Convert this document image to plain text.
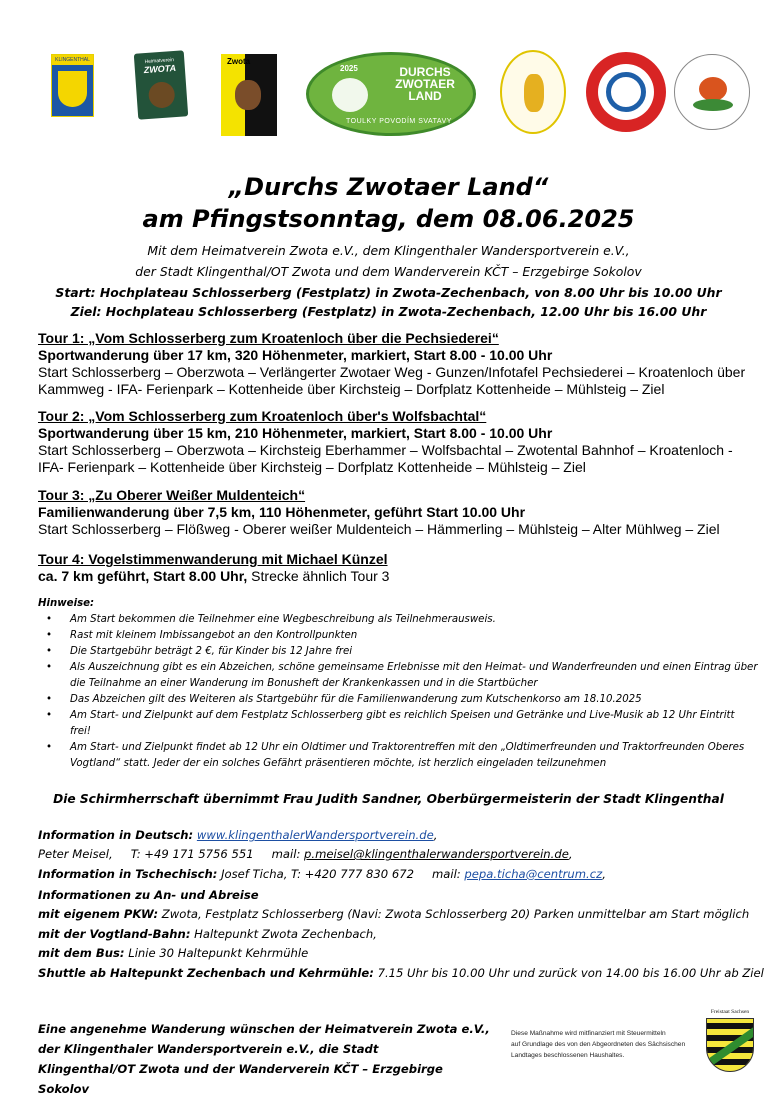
KLINGENTHAL	Heimatverein
ZWOTA
Zwota
2025	DURCHS ZWOTAER LAND
TOULKY POVODÍM SVATAVY
„Durchs Zwotaer Land“
am Pfingstsonntag, dem 08.06.2025
Mit dem Heimatverein Zwota e.V., dem Klingenthaler Wandersportverein e.V.,
der Stadt Klingenthal/OT Zwota und dem Wanderverein KČT – Erzgebirge Sokolov
Start: Hochplateau Schlosserberg (Festplatz) in Zwota-Zechenbach, von 8.00 Uhr bis 10.00 Uhr
Ziel: Hochplateau Schlosserberg (Festplatz) in Zwota-Zechenbach, 12.00 Uhr bis 16.00 Uhr
Tour 1: „Vom Schlosserberg zum Kroatenloch über die Pechsiederei“
Sportwanderung über 17 km, 320 Höhenmeter, markiert, Start 8.00 - 10.00 Uhr
Start Schlosserberg – Oberzwota – Verlängerter Zwotaer Weg - Gunzen/Infotafel Pechsiederei – Kroatenloch über Kammweg - IFA- Ferienpark – Kottenheide über Kirchsteig – Dorfplatz Kottenheide – Mühlsteig – Ziel
Tour 2: „Vom Schlosserberg zum Kroatenloch über's Wolfsbachtal“
Sportwanderung über 15 km, 210 Höhenmeter, markiert, Start 8.00 - 10.00 Uhr
Start Schlosserberg – Oberzwota – Kirchsteig Eberhammer – Wolfsbachtal – Zwotental Bahnhof – Kroatenloch - IFA- Ferienpark – Kottenheide über Kirchsteig – Dorfplatz Kottenheide – Mühlsteig – Ziel
Tour 3: „Zu Oberer Weißer Muldenteich“
Familienwanderung über 7,5 km, 110 Höhenmeter, geführt Start 10.00 Uhr
Start Schlosserberg – Flößweg - Oberer weißer Muldenteich – Hämmerling – Mühlsteig – Alter Mühlweg – Ziel
Tour 4: Vogelstimmenwanderung mit Michael Künzel
ca. 7 km geführt, Start 8.00 Uhr, Strecke ähnlich Tour 3
Hinweise:
• Am Start bekommen die Teilnehmer eine Wegbeschreibung als Teilnehmerausweis.
• Rast mit kleinem Imbissangebot an den Kontrollpunkten
• Die Startgebühr beträgt 2 €, für Kinder bis 12 Jahre frei
• Als Auszeichnung gibt es ein Abzeichen, schöne gemeinsame Erlebnisse mit den Heimat- und Wanderfreunden und einen Eintrag über die Teilnahme an einer Wanderung im Bonusheft der Krankenkassen und in die Startbücher
• Das Abzeichen gilt des Weiteren als Startgebühr für die Familienwanderung zum Kutschenkorso am 18.10.2025
• Am Start- und Zielpunkt auf dem Festplatz Schlosserberg gibt es reichlich Speisen und Getränke und Live-Musik ab 12 Uhr Eintritt frei!
• Am Start- und Zielpunkt findet ab 12 Uhr ein Oldtimer und Traktorentreffen mit den „Oldtimerfreunden und Traktorfreunden Oberes Vogtland“ statt. Jeder der ein solches Gefährt präsentieren möchte, ist herzlich eingeladen teilzunehmen
Die Schirmherrschaft übernimmt Frau Judith Sandner, Oberbürgermeisterin der Stadt Klingenthal
Information in Deutsch: www.klingenthalerWandersportverein.de,
Peter Meisel, T: +49 171 5756 551 mail: p.meisel@klingenthalerwandersportverein.de,
Information in Tschechisch: Josef Ticha, T: +420 777 830 672 mail: pepa.ticha@centrum.cz,
Informationen zu An- und Abreise
mit eigenem PKW: Zwota, Festplatz Schlosserberg (Navi: Zwota Schlosserberg 20) Parken unmittelbar am Start möglich
mit der Vogtland-Bahn: Haltepunkt Zwota Zechenbach,
mit dem Bus: Linie 30 Haltepunkt Kehrmühle
Shuttle ab Haltepunkt Zechenbach und Kehrmühle: 7.15 Uhr bis 10.00 Uhr und zurück von 14.00 bis 16.00 Uhr ab Ziel
Eine angenehme Wanderung wünschen der Heimatverein Zwota e.V.,
der Klingenthaler Wandersportverein e.V., die Stadt
Klingenthal/OT Zwota und der Wanderverein KČT – Erzgebirge Sokolov
Diese Maßnahme wird mitfinanziert mit Steuermitteln
auf Grundlage des von den Abgeordneten des Sächsischen
Landtages beschlossenen Haushaltes.
Freistaat Sachsen
